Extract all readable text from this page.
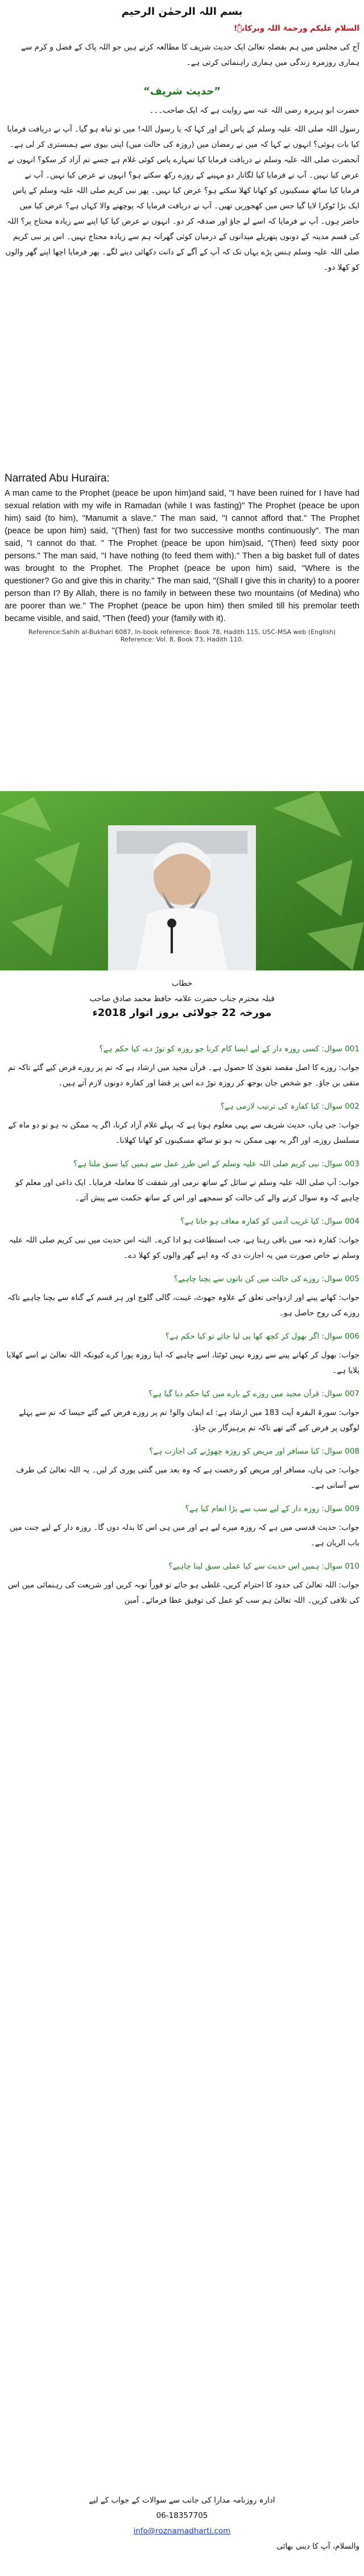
بسم اللہ الرحمٰن الرحیم
السلام علیکم ورحمۃ اللہ وبرکاتہٗ!
آج کی مجلس میں ہم بفضلہٖ تعالیٰ ایک حدیث شریف کا مطالعہ کرتے ہیں جو اللہ پاک کے فضل و کرم سے ہماری روزمرہ زندگی میں ہماری راہنمائی کرتی ہے۔
”حدیث شریف“
حضرت ابو ہریرہ رضی اللہ عنہ سے روایت ہے کہ ایک صاحب۔۔۔
رسول اللہ صلی اللہ علیہ وسلم کے پاس آئے اور کہا کہ یا رسول اللہ! میں تو تباہ ہو گیا۔ آپ نے دریافت فرمایا کیا بات ہوئی؟ انہوں نے کہا کہ میں نے رمضان میں (روزہ کی حالت میں) اپنی بیوی سے ہمبستری کر لی ہے۔ آنحضرت صلی اللہ علیہ وسلم نے دریافت فرمایا کیا تمہارے پاس کوئی غلام ہے جسے تم آزاد کر سکو؟ انہوں نے عرض کیا نہیں۔ آپ نے فرمایا کیا لگاتار دو مہینے کے روزے رکھ سکتے ہو؟ انہوں نے عرض کیا نہیں۔ آپ نے فرمایا کیا ساٹھ مسکینوں کو کھانا کھلا سکتے ہو؟ عرض کیا نہیں۔ پھر نبی کریم صلی اللہ علیہ وسلم کے پاس ایک بڑا ٹوکرا لایا گیا جس میں کھجوریں تھیں۔ آپ نے دریافت فرمایا کہ پوچھنے والا کہاں ہے؟ عرض کیا میں حاضر ہوں۔ آپ نے فرمایا کہ اسے لے جاؤ اور صدقہ کر دو۔ انہوں نے عرض کیا کیا اپنے سے زیادہ محتاج پر؟ اللہ کی قسم مدینہ کے دونوں پتھریلے میدانوں کے درمیان کوئی گھرانہ ہم سے زیادہ محتاج نہیں۔ اس پر نبی کریم صلی اللہ علیہ وسلم ہنس پڑے یہاں تک کہ آپ کے آگے کے دانت دکھائی دینے لگے۔ پھر فرمایا اچھا اپنے گھر والوں کو کھلا دو۔
Narrated Abu Huraira:
A man came to the Prophet (peace be upon him)and said, "I have been ruined for I have had sexual relation with my wife in Ramadan (while I was fasting)" The Prophet (peace be upon him) said (to him), "Manumit a slave." The man said, "I cannot afford that." The Prophet (peace be upon him) said, "(Then) fast for two successive months continuously". The man said, "I cannot do that. " The Prophet (peace be upon him)said, "(Then) feed sixty poor persons." The man said, "I have nothing (to feed them with)." Then a big basket full of dates was brought to the Prophet. The Prophet (peace be upon him) said, "Where is the questioner? Go and give this in charity." The man said, "(Shall I give this in charity) to a poorer person than I? By Allah, there is no family in between these two mountains (of Medina) who are poorer than we." The Prophet (peace be upon him) then smiled till his premolar teeth became visible, and said, "Then (feed) your (family with it).
Reference:Sahih al-Bukhari 6087, In-book reference: Book 78, Hadith 115, USC-MSA web (English)
Reference: Vol. 8, Book 73, Hadith 110.
خطاب
قبلہ محترم جناب حضرت علامہ حافظ محمد صادق صاحب
مورخہ 22 جولائی بروز اتوار 2018ء
001 سوال: کسی روزہ دار کے لیے ایسا کام کرنا جو روزہ کو توڑ دے، کیا حکم ہے؟
جواب: روزے کا اصل مقصد تقویٰ کا حصول ہے۔ قرآن مجید میں ارشاد ہے کہ تم پر روزے فرض کیے گئے تاکہ تم متقی بن جاؤ۔ جو شخص جان بوجھ کر روزہ توڑ دے اس پر قضا اور کفارہ دونوں لازم آتے ہیں۔
002 سوال: کیا کفارہ کی ترتیب لازمی ہے؟
جواب: جی ہاں، حدیث شریف سے یہی معلوم ہوتا ہے کہ پہلے غلام آزاد کرنا، اگر یہ ممکن نہ ہو تو دو ماہ کے مسلسل روزے، اور اگر یہ بھی ممکن نہ ہو تو ساٹھ مسکینوں کو کھانا کھلانا۔
003 سوال: نبی کریم صلی اللہ علیہ وسلم کے اس طرز عمل سے ہمیں کیا سبق ملتا ہے؟
جواب: آپ صلی اللہ علیہ وسلم نے سائل کے ساتھ نرمی اور شفقت کا معاملہ فرمایا۔ ایک داعی اور معلم کو چاہیے کہ وہ سوال کرنے والے کی حالت کو سمجھے اور اس کے ساتھ حکمت سے پیش آئے۔
004 سوال: کیا غریب آدمی کو کفارہ معاف ہو جاتا ہے؟
جواب: کفارہ ذمہ میں باقی رہتا ہے، جب استطاعت ہو ادا کرے۔ البتہ اس حدیث میں نبی کریم صلی اللہ علیہ وسلم نے خاص صورت میں یہ اجازت دی کہ وہ اپنے گھر والوں کو کھلا دے۔
005 سوال: روزے کی حالت میں کن باتوں سے بچنا چاہیے؟
جواب: کھانے پینے اور ازدواجی تعلق کے علاوہ جھوٹ، غیبت، گالی گلوچ اور ہر قسم کے گناہ سے بچنا چاہیے تاکہ روزے کی روح حاصل ہو۔
006 سوال: اگر بھول کر کچھ کھا پی لیا جائے تو کیا حکم ہے؟
جواب: بھول کر کھانے پینے سے روزہ نہیں ٹوٹتا، اسے چاہیے کہ اپنا روزہ پورا کرے کیونکہ اللہ تعالیٰ نے اسے کھلایا پلایا ہے۔
007 سوال: قرآن مجید میں روزے کے بارے میں کیا حکم دیا گیا ہے؟
جواب: سورۃ البقرہ آیت 183 میں ارشاد ہے: اے ایمان والو! تم پر روزے فرض کیے گئے جیسا کہ تم سے پہلے لوگوں پر فرض کیے گئے تھے تاکہ تم پرہیزگار بن جاؤ۔
008 سوال: کیا مسافر اور مریض کو روزہ چھوڑنے کی اجازت ہے؟
جواب: جی ہاں، مسافر اور مریض کو رخصت ہے کہ وہ بعد میں گنتی پوری کر لیں۔ یہ اللہ تعالیٰ کی طرف سے آسانی ہے۔
009 سوال: روزہ دار کے لیے سب سے بڑا انعام کیا ہے؟
جواب: حدیث قدسی میں ہے کہ روزہ میرے لیے ہے اور میں ہی اس کا بدلہ دوں گا۔ روزہ دار کے لیے جنت میں باب الریان ہے۔
010 سوال: ہمیں اس حدیث سے کیا عملی سبق لینا چاہیے؟
جواب: اللہ تعالیٰ کی حدود کا احترام کریں، غلطی ہو جائے تو فوراً توبہ کریں اور شریعت کی رہنمائی میں اس کی تلافی کریں۔ اللہ تعالیٰ ہم سب کو عمل کی توفیق عطا فرمائے۔ آمین
ادارہ روزنامہ مدارا کی جانب سے سوالات کے جواب کے لیے
06-18357705
info@roznamadharti.com
والسلام، آپ کا دینی بھائی
